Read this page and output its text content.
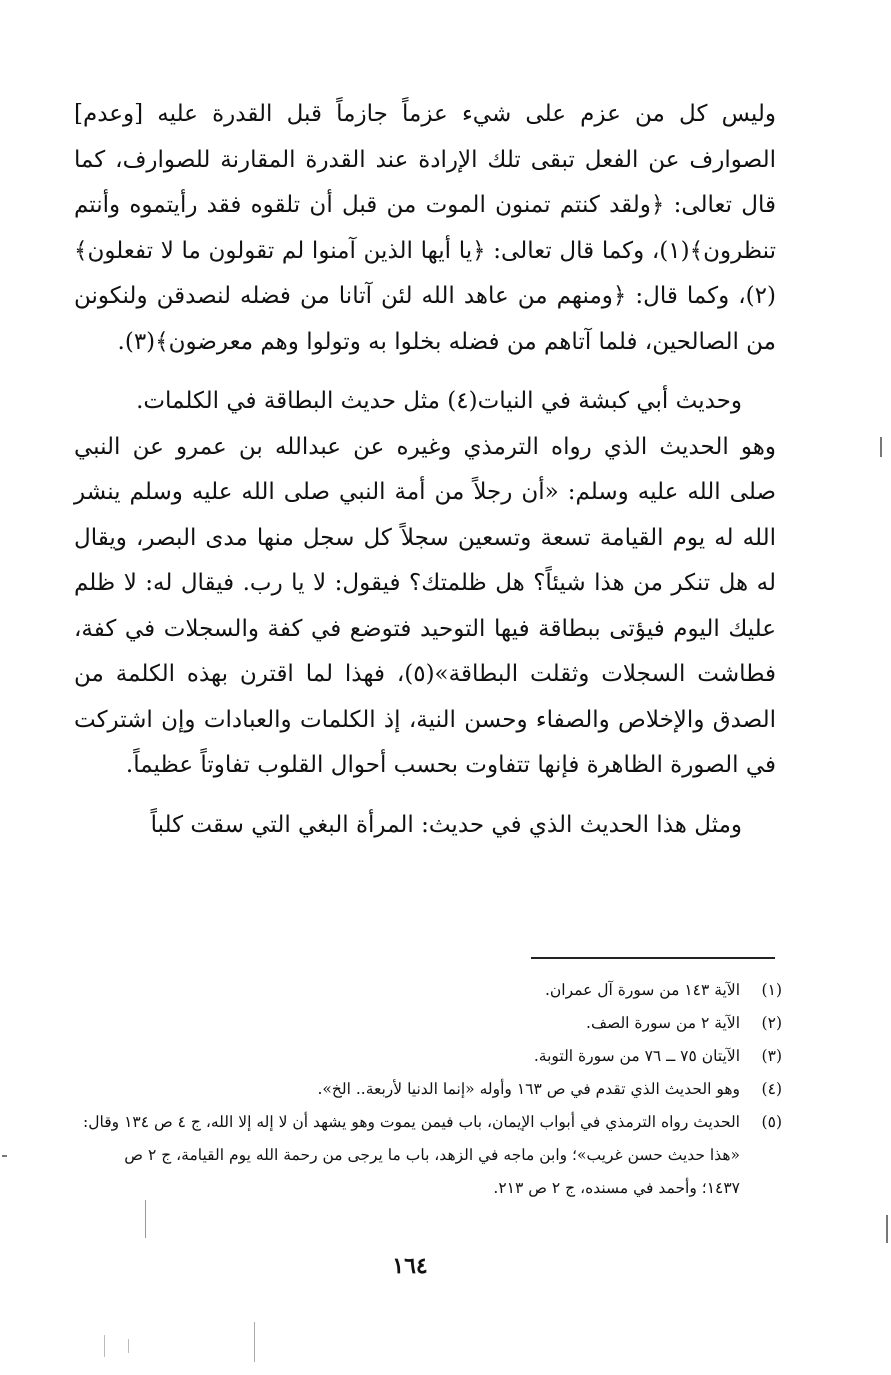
وليس كل من عزم على شيء عزماً جازماً قبل القدرة عليه [وعدم] الصوارف عن الفعل تبقى تلك الإرادة عند القدرة المقارنة للصوارف، كما قال تعالى: ﴿ولقد كنتم تمنون الموت من قبل أن تلقوه فقد رأيتموه وأنتم تنظرون﴾(١)، وكما قال تعالى: ﴿يا أيها الذين آمنوا لم تقولون ما لا تفعلون﴾(٢)، وكما قال: ﴿ومنهم من عاهد الله لئن آتانا من فضله لنصدقن ولنكونن من الصالحين، فلما آتاهم من فضله بخلوا به وتولوا وهم معرضون﴾(٣).

وحديث أبي كبشة في النيات(٤) مثل حديث البطاقة في الكلمات.

وهو الحديث الذي رواه الترمذي وغيره عن عبدالله بن عمرو عن النبي صلى الله عليه وسلم: «أن رجلاً من أمة النبي صلى الله عليه وسلم ينشر الله له يوم القيامة تسعة وتسعين سجلاً كل سجل منها مدى البصر، ويقال له هل تنكر من هذا شيئاً؟ هل ظلمتك؟ فيقول: لا يا رب. فيقال له: لا ظلم عليك اليوم فيؤتى ببطاقة فيها التوحيد فتوضع في كفة والسجلات في كفة، فطاشت السجلات وثقلت البطاقة»(٥)، فهذا لما اقترن بهذه الكلمة من الصدق والإخلاص والصفاء وحسن النية، إذ الكلمات والعبادات وإن اشتركت في الصورة الظاهرة فإنها تتفاوت بحسب أحوال القلوب تفاوتاً عظيماً.

ومثل هذا الحديث الذي في حديث: المرأة البغي التي سقت كلباً

(١)
الآية ١٤٣ من سورة آل عمران.
(٢)
الآية ٢ من سورة الصف.
(٣)
الآيتان ٧٥ ــ ٧٦ من سورة التوبة.
(٤)
وهو الحديث الذي تقدم في ص ١٦٣ وأوله «إنما الدنيا لأربعة.. الخ».
(٥)
الحديث رواه الترمذي في أبواب الإيمان، باب فيمن يموت وهو يشهد أن لا إله إلا الله، ج ٤ ص ١٣٤ وقال: «هذا حديث حسن غريب»؛ وابن ماجه في الزهد، باب ما يرجى من رحمة الله يوم القيامة، ج ٢ ص ١٤٣٧؛ وأحمد في مسنده، ج ٢ ص ٢١٣.
١٦٤
